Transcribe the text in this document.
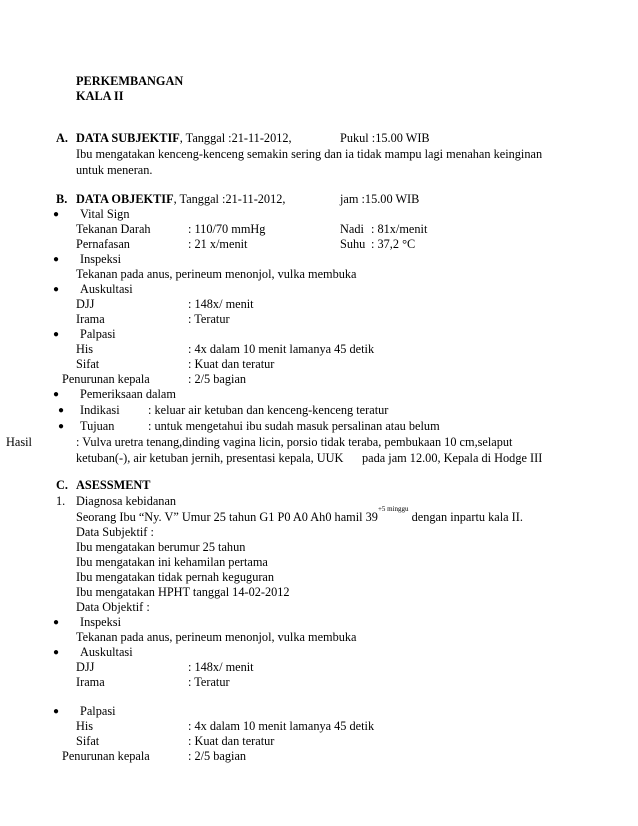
PERKEMBANGAN
KALA II
A. DATA SUBJEKTIF, Tanggal :21-11-2012,	Pukul :15.00 WIB
Ibu mengatakan kenceng-kenceng semakin sering dan ia tidak mampu lagi menahan keinginan
untuk meneran.
B. DATA OBJEKTIF, Tanggal :21-11-2012,	jam :15.00 WIB
● Vital Sign
Tekanan Darah	: 110/70 mmHg	Nadi : 81x/menit
Pernafasan	: 21 x/menit	Suhu : 37,2 °C
● Inspeksi
Tekanan pada anus, perineum menonjol, vulka membuka
● Auskultasi
DJJ	: 148x/ menit
Irama	: Teratur
● Palpasi
His	: 4x dalam 10 menit lamanya 45 detik
Sifat	: Kuat dan teratur
Penurunan kepala	: 2/5 bagian
● Pemeriksaan dalam
● Indikasi : keluar air ketuban dan kenceng-kenceng teratur
● Tujuan	: untuk mengetahui ibu sudah masuk persalinan atau belum
Hasil	: Vulva uretra tenang,dinding vagina licin, porsio tidak teraba, pembukaan 10 cm,selaput
ketuban(-), air ketuban jernih, presentasi kepala, UUK pada jam 12.00, Kepala di Hodge III
C. ASESSMENT
1. Diagnosa kebidanan
Seorang Ibu “Ny. V” Umur 25 tahun G1 P0 A0 Ah0 hamil $39^{+5 minggu}$ dengan inpartu kala II.
Data Subjektif :
Ibu mengatakan berumur 25 tahun
Ibu mengatakan ini kehamilan pertama
Ibu mengatakan tidak pernah keguguran
Ibu mengatakan HPHT tanggal 14-02-2012
Data Objektif :
● Inspeksi
Tekanan pada anus, perineum menonjol, vulka membuka
● Auskultasi
DJJ	: 148x/ menit
Irama	: Teratur
● Palpasi
His	: 4x dalam 10 menit lamanya 45 detik
Sifat	: Kuat dan teratur
Penurunan kepala	: 2/5 bagian
